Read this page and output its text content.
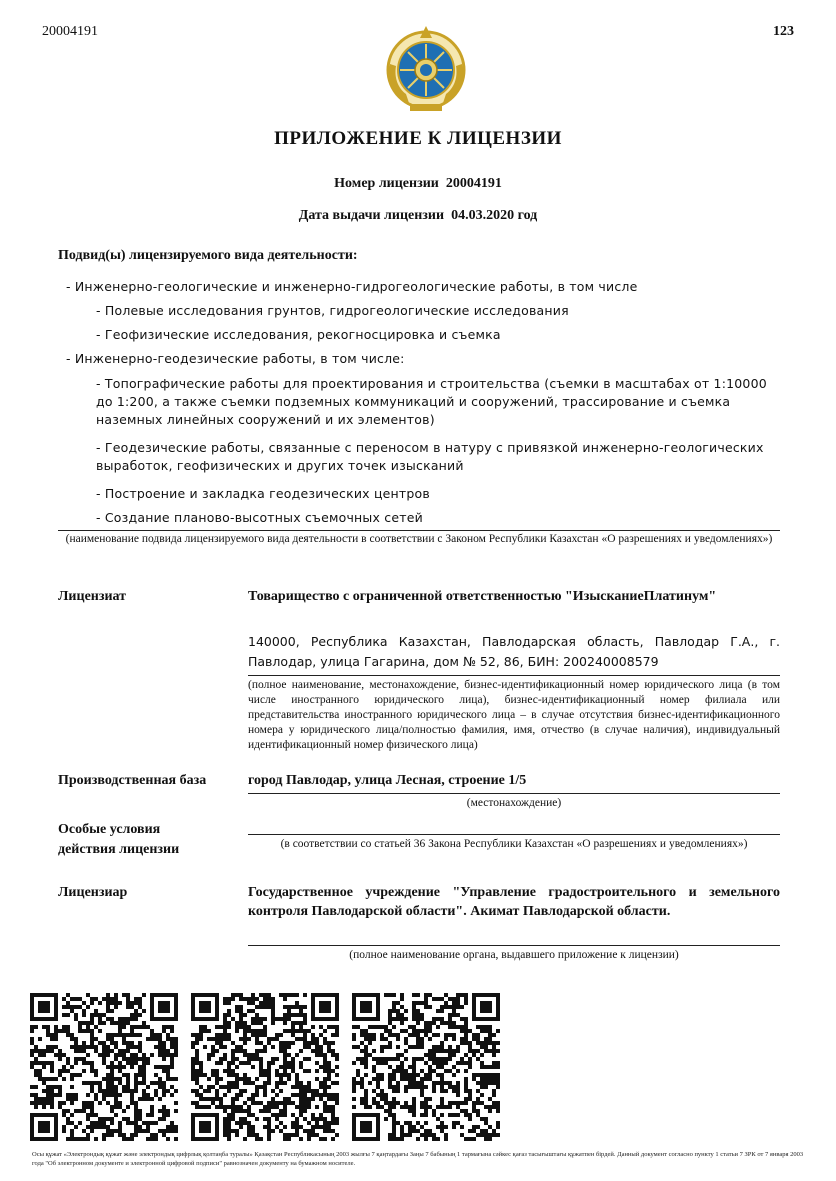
20004191	123
ПРИЛОЖЕНИЕ К ЛИЦЕНЗИИ
Номер лицензии 20004191
Дата выдачи лицензии 04.03.2020 год
Подвид(ы) лицензируемого вида деятельности:
- Инженерно-геологические и инженерно-гидрогеологические работы, в том числе
- Полевые исследования грунтов, гидрогеологические исследования
- Геофизические исследования, рекогносцировка и съемка
- Инженерно-геодезические работы, в том числе:
- Топографические работы для проектирования и строительства (съемки в масштабах от 1:10000 до 1:200, а также съемки подземных коммуникаций и сооружений, трассирование и съемка наземных линейных сооружений и их элементов)
- Геодезические работы, связанные с переносом в натуру с привязкой инженерно-геологических выработок, геофизических и других точек изысканий
- Построение и закладка геодезических центров
- Создание планово-высотных съемочных сетей
(наименование подвида лицензируемого вида деятельности в соответствии с Законом Республики Казахстан «О разрешениях и уведомлениях»)
Лицензиат	Товарищество с ограниченной ответственностью "ИзысканиеПлатинум"
140000, Республика Казахстан, Павлодарская область, Павлодар Г.А., г. Павлодар, улица Гагарина, дом № 52, 86, БИН: 200240008579
(полное наименование, местонахождение, бизнес-идентификационный номер юридического лица (в том числе иностранного юридического лица), бизнес-идентификационный номер филиала или представительства иностранного юридического лица – в случае отсутствия бизнес-идентификационного номера у юридического лица/полностью фамилия, имя, отчество (в случае наличия), индивидуальный идентификационный номер физического лица)
Производственная база	город Павлодар, улица Лесная, строение 1/5
(местонахождение)
Особые условия
действия лицензии	(в соответствии со статьей 36 Закона Республики Казахстан «О разрешениях и уведомлениях»)
Лицензиар	Государственное учреждение "Управление градостроительного и земельного контроля Павлодарской области". Акимат Павлодарской области.
(полное наименование органа, выдавшего приложение к лицензии)
Осы құжат «Электрондық құжат және электрондық цифрлық қолтаңба туралы» Қазақстан Республикасының 2003 жылғы 7 қаңтардағы Заңы 7 бабының 1 тармағына сәйкес қағаз тасығыштағы құжатпен бірдей. Данный документ согласно пункту 1 статьи 7 ЗРК от 7 января 2003 года "Об электронном документе и электронной цифровой подписи" равнозначен документу на бумажном носителе.
